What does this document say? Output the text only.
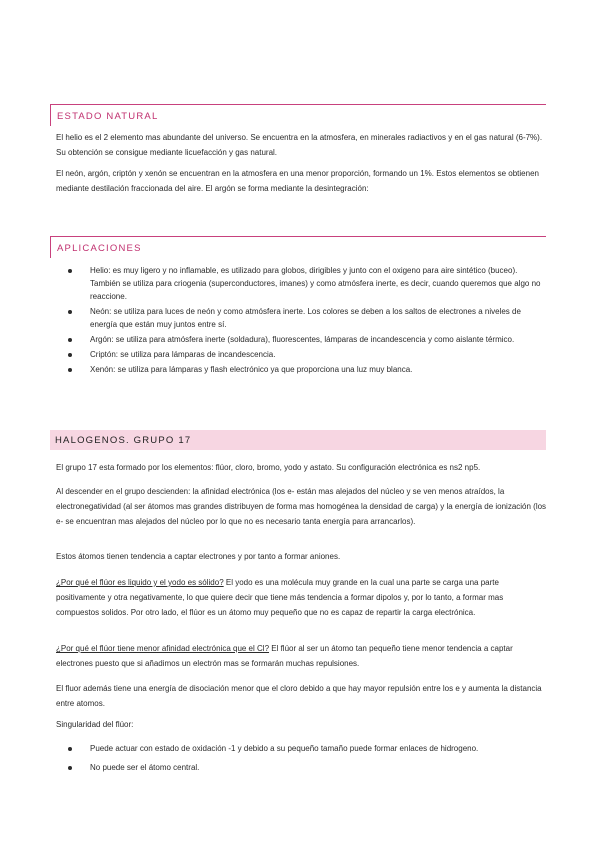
ESTADO NATURAL

El helio es el 2 elemento mas abundante del universo. Se encuentra en la atmosfera, en minerales radiactivos y en el gas natural (6-7%). Su obtención se consigue mediante licuefacción y gas natural.

El neón, argón, criptón y xenón se encuentran en la atmosfera en una menor proporción, formando un 1%. Estos elementos se obtienen mediante destilación fraccionada del aire. El argón se forma mediante la desintegración:

APLICACIONES
Helio: es muy ligero y no inflamable, es utilizado para globos, dirigibles y junto con el oxigeno para aire sintético (buceo). También se utiliza para criogenia (superconductores, imanes) y como atmósfera inerte, es decir, cuando queremos que algo no reaccione.
Neón: se utiliza para luces de neón y como atmósfera inerte. Los colores se deben a los saltos de electrones a niveles de energía que están muy juntos entre sí.
Argón: se utiliza para atmósfera inerte (soldadura), fluorescentes, lámparas de incandescencia y como aislante térmico.
Criptón: se utiliza para lámparas de incandescencia.
Xenón: se utiliza para lámparas y flash electrónico ya que proporciona una luz muy blanca.
HALOGENOS. GRUPO 17

El grupo 17 esta formado por los elementos: flúor, cloro, bromo, yodo y astato. Su configuración electrónica es ns2 np5.

Al descender en el grupo descienden: la afinidad electrónica (los e- están mas alejados del núcleo y se ven menos atraídos, la electronegatividad (al ser átomos mas grandes distribuyen de forma mas homogénea la densidad de carga) y la energía de ionización (los e- se encuentran mas alejados del núcleo por lo que no es necesario tanta energía para arrancarlos).

Estos átomos tienen tendencia a captar electrones y por tanto a formar aniones.

¿Por qué el flúor es liquido y el yodo es sólido? El yodo es una molécula muy grande en la cual una parte se carga una parte positivamente y otra negativamente, lo que quiere decir que tiene más tendencia a formar dipolos y, por lo tanto, a formar mas compuestos solidos. Por otro lado, el flúor es un átomo muy pequeño que no es capaz de repartir la carga electrónica.

¿Por qué el flúor tiene menor afinidad electrónica que el Cl? El flúor al ser un átomo tan pequeño tiene menor tendencia a captar electrones puesto que si añadimos un electrón mas se formarán muchas repulsiones.

El fluor además tiene una energía de disociación menor que el cloro debido a que hay mayor repulsión entre los e y aumenta la distancia entre atomos.

Singularidad del flúor:

Puede actuar con estado de oxidación -1 y debido a su pequeño tamaño puede formar enlaces de hidrogeno.
No puede ser el átomo central.
